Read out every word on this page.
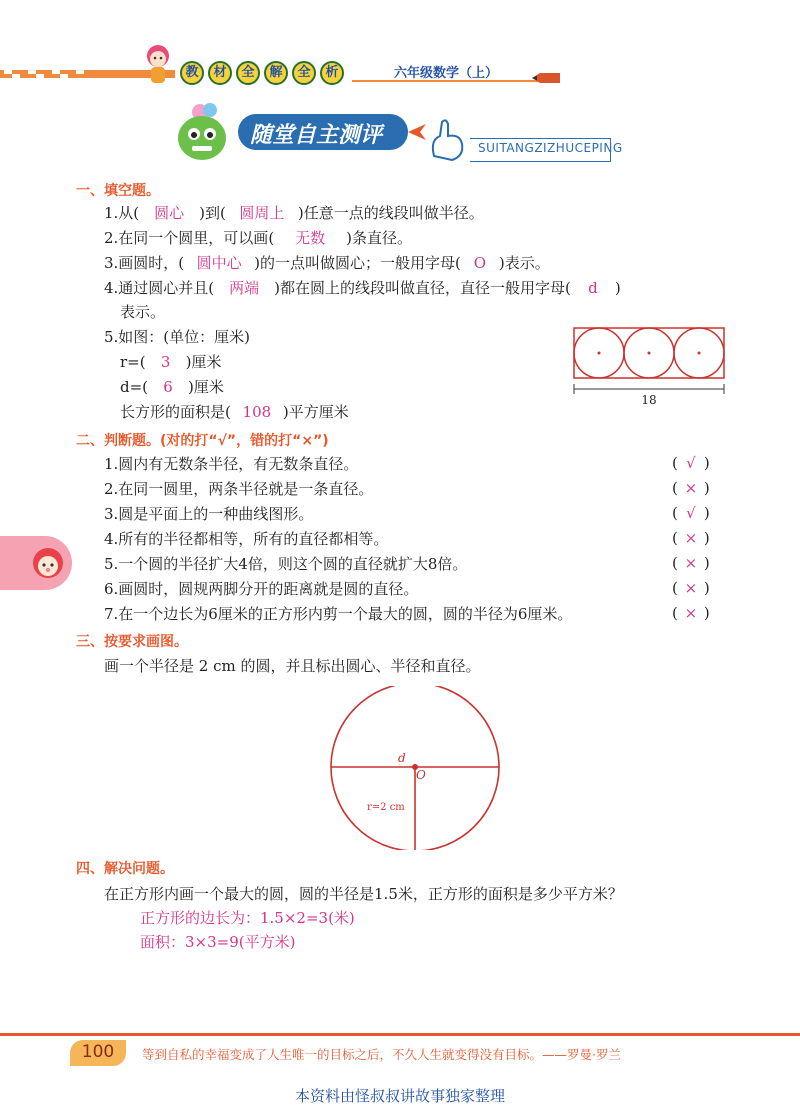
教	材	全	解	全	析	六年级数学（上）
随堂自主测评	SUITANGZIZHUCEPING
一、填空题。
1.从( 圆心 )到( 圆周上 )任意一点的线段叫做半径。
2.在同一个圆里，可以画( 无数 )条直径。
3.画圆时，( 圆中心 )的一点叫做圆心；一般用字母( O )表示。
4.通过圆心并且( 两端 )都在圆上的线段叫做直径，直径一般用字母( d )
表示。
5.如图：(单位：厘米)
r=( 3 )厘米
d=( 6 )厘米
长方形的面积是( 108 )平方厘米
18
二、判断题。(对的打“√”，错的打“×”)
1.圆内有无数条半径，有无数条直径。	( √ )
2.在同一圆里，两条半径就是一条直径。	( × )
3.圆是平面上的一种曲线图形。	( √ )
4.所有的半径都相等，所有的直径都相等。	( × )
5.一个圆的半径扩大4倍，则这个圆的直径就扩大8倍。	( × )
6.画圆时，圆规两脚分开的距离就是圆的直径。	( × )
7.在一个边长为6厘米的正方形内剪一个最大的圆，圆的半径为6厘米。	( × )
三、按要求画图。
画一个半径是 2 cm 的圆，并且标出圆心、半径和直径。
d
O
r=2 cm
四、解决问题。
在正方形内画一个最大的圆，圆的半径是1.5米，正方形的面积是多少平方米？
正方形的边长为：1.5×2=3(米)
面积：3×3=9(平方米)
100	等到自私的幸福变成了人生唯一的目标之后，不久人生就变得没有目标。——罗曼·罗兰
本资料由怪叔叔讲故事独家整理
